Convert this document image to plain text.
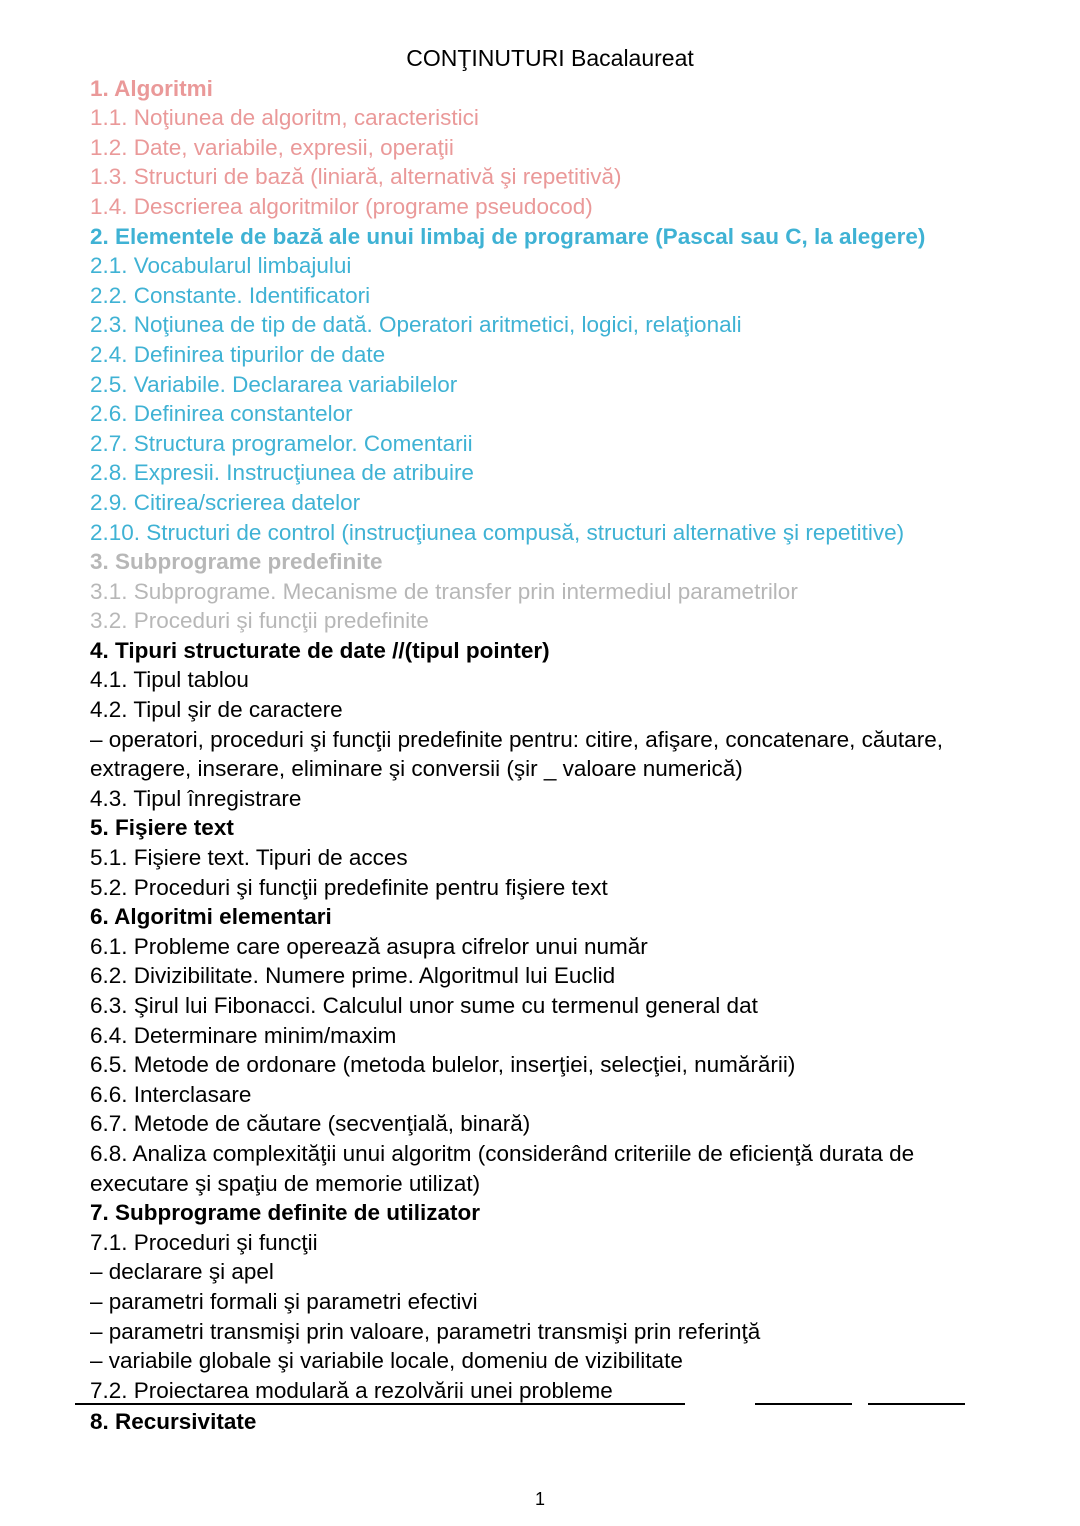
CONŢINUTURI Bacalaureat
1. Algoritmi
1.1. Noţiunea de algoritm, caracteristici
1.2. Date, variabile, expresii, operaţii
1.3. Structuri de bază (liniară, alternativă şi repetitivă)
1.4. Descrierea algoritmilor (programe pseudocod)
2. Elementele de bază ale unui limbaj de programare (Pascal sau C, la alegere)
2.1. Vocabularul limbajului
2.2. Constante. Identificatori
2.3. Noţiunea de tip de dată. Operatori aritmetici, logici, relaţionali
2.4. Definirea tipurilor de date
2.5. Variabile. Declararea variabilelor
2.6. Definirea constantelor
2.7. Structura programelor. Comentarii
2.8. Expresii. Instrucţiunea de atribuire
2.9. Citirea/scrierea datelor
2.10. Structuri de control (instrucţiunea compusă, structuri alternative şi repetitive)
3. Subprograme predefinite
3.1. Subprograme. Mecanisme de transfer prin intermediul parametrilor
3.2. Proceduri şi funcţii predefinite
4. Tipuri structurate de date //(tipul pointer)
4.1. Tipul tablou
4.2. Tipul şir de caractere
– operatori, proceduri şi funcţii predefinite pentru: citire, afişare, concatenare, căutare, extragere, inserare, eliminare şi conversii (şir _ valoare numerică)
4.3. Tipul înregistrare
5. Fişiere text
5.1. Fişiere text. Tipuri de acces
5.2. Proceduri şi funcţii predefinite pentru fişiere text
6. Algoritmi elementari
6.1. Probleme care operează asupra cifrelor unui număr
6.2. Divizibilitate. Numere prime. Algoritmul lui Euclid
6.3. Şirul lui Fibonacci. Calculul unor sume cu termenul general dat
6.4. Determinare minim/maxim
6.5. Metode de ordonare (metoda bulelor, inserţiei, selecţiei, numărării)
6.6. Interclasare
6.7. Metode de căutare (secvenţială, binară)
6.8. Analiza complexităţii unui algoritm (considerând criteriile de eficienţă durata de executare şi spaţiu de memorie utilizat)
7. Subprograme definite de utilizator
7.1. Proceduri şi funcţii
– declarare şi apel
– parametri formali şi parametri efectivi
– parametri transmişi prin valoare, parametri transmişi prin referinţă
– variabile globale şi variabile locale, domeniu de vizibilitate
7.2. Proiectarea modulară a rezolvării unei probleme
8. Recursivitate
1
